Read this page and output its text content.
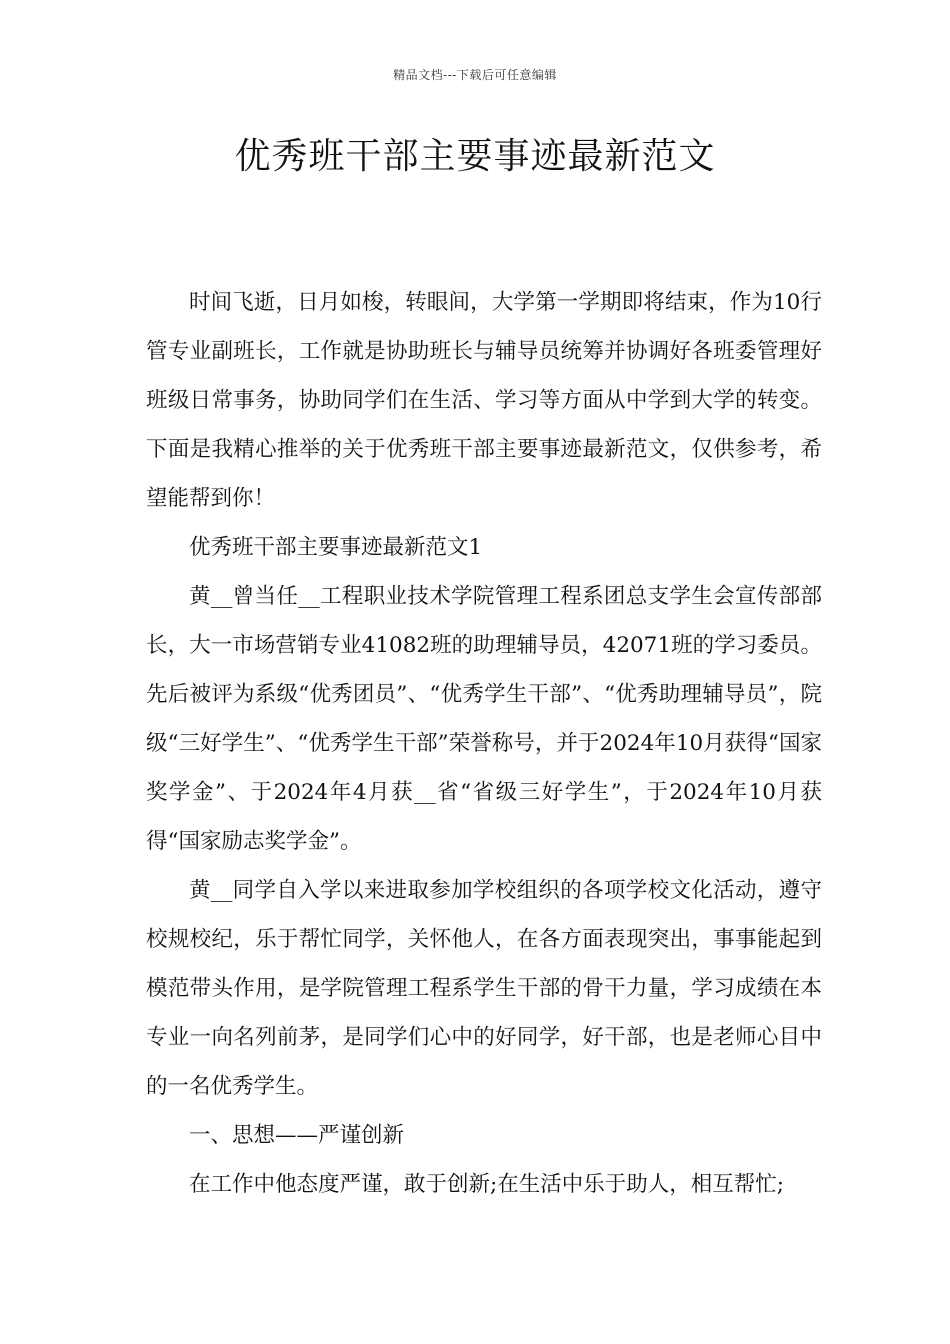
精品文档---下载后可任意编辑
优秀班干部主要事迹最新范文

时间飞逝，日月如梭，转眼间，大学第一学期即将结束，作为10行管专业副班长，工作就是协助班长与辅导员统筹并协调好各班委管理好班级日常事务，协助同学们在生活、学习等方面从中学到大学的转变。下面是我精心推举的关于优秀班干部主要事迹最新范文，仅供参考，希望能帮到你！

优秀班干部主要事迹最新范文1

黄__曾当任__工程职业技术学院管理工程系团总支学生会宣传部部长，大一市场营销专业41082班的助理辅导员，42071班的学习委员。先后被评为系级“优秀团员”、“优秀学生干部”、“优秀助理辅导员”，院级“三好学生”、“优秀学生干部”荣誉称号，并于2024年10月获得“国家奖学金”、于2024年4月获__省“省级三好学生”，于2024年10月获得“国家励志奖学金”。

黄__同学自入学以来进取参加学校组织的各项学校文化活动，遵守校规校纪，乐于帮忙同学，关怀他人，在各方面表现突出，事事能起到模范带头作用，是学院管理工程系学生干部的骨干力量，学习成绩在本专业一向名列前茅，是同学们心中的好同学，好干部，也是老师心目中的一名优秀学生。

一、思想——严谨创新

在工作中他态度严谨，敢于创新;在生活中乐于助人，相互帮忙;
